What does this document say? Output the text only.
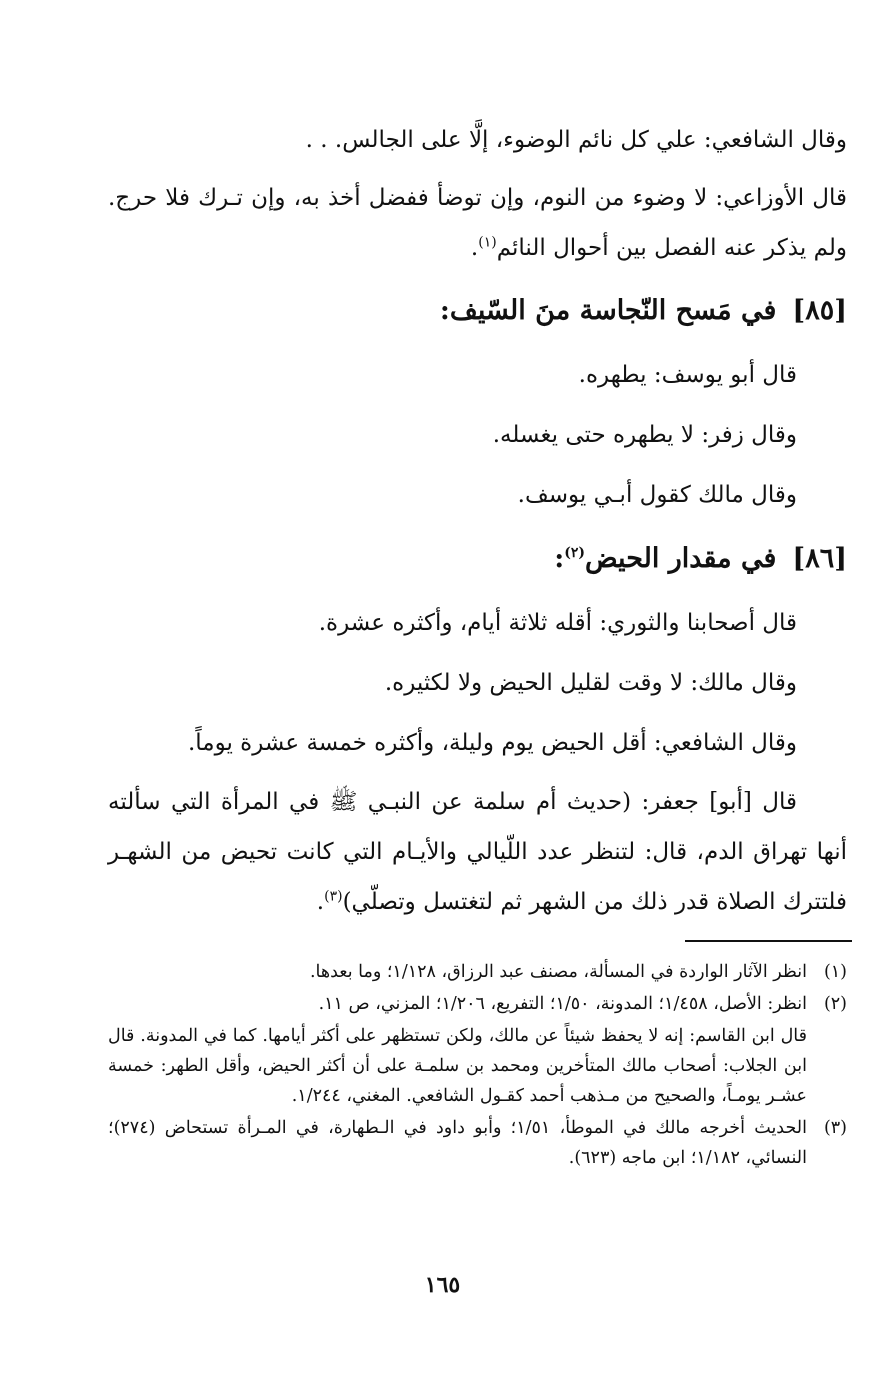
وقال الشافعي: علي كل نائم الوضوء، إلَّا على الجالس. . .

قال الأوزاعي: لا وضوء من النوم، وإن توضأ ففضل أخذ به، وإن تـرك فلا حرج. ولم يذكر عنه الفصل بين أحوال النائم$^{(١)}$.

[٨٥]في مَسح النّجاسة منَ السّيف:

قال أبو يوسف: يطهره.

وقال زفر: لا يطهره حتى يغسله.

وقال مالك كقول أبـي يوسف.

[٨٦]في مقدار الحيض$^{(٢)}$:

قال أصحابنا والثوري: أقله ثلاثة أيام، وأكثره عشرة.

وقال مالك: لا وقت لقليل الحيض ولا لكثيره.

وقال الشافعي: أقل الحيض يوم وليلة، وأكثره خمسة عشرة يوماً.

قال [أبو] جعفر: (حديث أم سلمة عن النبـي ﷺ في المرأة التي سألته أنها تهراق الدم، قال: لتنظر عدد اللّيالي والأيـام التي كانت تحيض من الشهـر فلتترك الصلاة قدر ذلك من الشهر ثم لتغتسل وتصلّي)$^{(٣)}$.

(١)
انظر الآثار الواردة في المسألة، مصنف عبد الرزاق، ١/١٢٨؛ وما بعدها.
(٢)
انظر: الأصل، ١/٤٥٨؛ المدونة، ١/٥٠؛ التفريع، ١/٢٠٦؛ المزني، ص ١١.
قال ابن القاسم: إنه لا يحفظ شيئاً عن مالك، ولكن تستظهر على أكثر أيامها. كما في المدونة. قال ابن الجلاب: أصحاب مالك المتأخرين ومحمد بن سلمـة على أن أكثر الحيض، وأقل الطهر: خمسة عشـر يومـاً، والصحيح من مـذهب أحمد كقـول الشافعي. المغني، ١/٢٤٤.
(٣)
الحديث أخرجه مالك في الموطأ، ١/٥١؛ وأبو داود في الـطهارة، في المـرأة تستحاض (٢٧٤)؛ النسائي، ١/١٨٢؛ ابن ماجه (٦٢٣).
١٦٥
